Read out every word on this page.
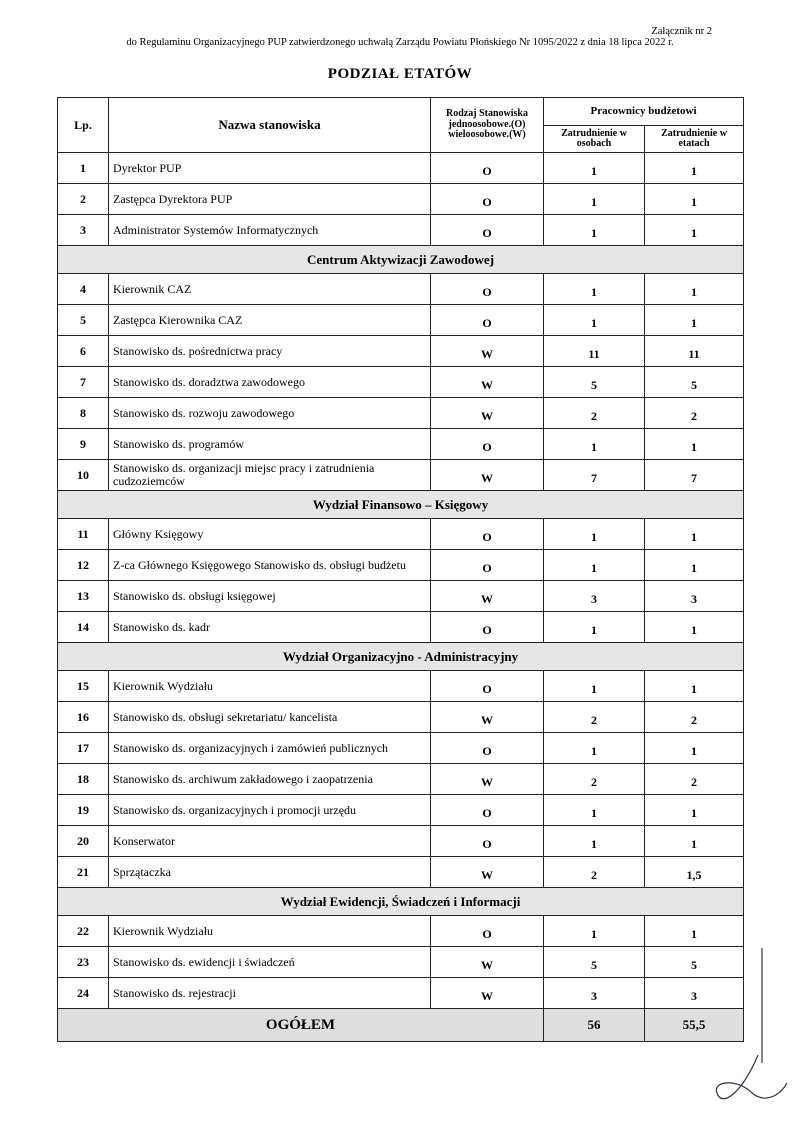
Załącznik nr 2
do Regulaminu Organizacyjnego PUP zatwierdzonego uchwałą Zarządu Powiatu Płońskiego Nr 1095/2022 z dnia 18 lipca 2022 r.
PODZIAŁ ETATÓW
Lp.	Nazwa stanowiska	Rodzaj Stanowiska jednoosobowe.(O) wieloosobowe.(W)	Pracownicy budżetowi	
			Zatrudnienie w osobach	Zatrudnienie w etatach
1	Dyrektor PUP	O	1	1
2	Zastępca Dyrektora PUP	O	1	1
3	Administrator Systemów Informatycznych	O	1	1
Centrum Aktywizacji Zawodowej				
4	Kierownik CAZ	O	1	1
5	Zastępca Kierownika CAZ	O	1	1
6	Stanowisko ds. pośrednictwa pracy	W	11	11
7	Stanowisko ds. doradztwa zawodowego	W	5	5
8	Stanowisko ds. rozwoju zawodowego	W	2	2
9	Stanowisko ds. programów	O	1	1
10	Stanowisko ds. organizacji miejsc pracy i zatrudnienia cudzoziemców	W	7	7
Wydział Finansowo – Księgowy				
11	Główny Księgowy	O	1	1
12	Z-ca Głównego Księgowego Stanowisko ds. obsługi budżetu	O	1	1
13	Stanowisko ds. obsługi księgowej	W	3	3
14	Stanowisko ds. kadr	O	1	1
Wydział Organizacyjno - Administracyjny				
15	Kierownik Wydziału	O	1	1
16	Stanowisko ds. obsługi sekretariatu/ kancelista	W	2	2
17	Stanowisko ds. organizacyjnych i zamówień publicznych	O	1	1
18	Stanowisko ds. archiwum zakładowego i zaopatrzenia	W	2	2
19	Stanowisko ds. organizacyjnych i promocji urzędu	O	1	1
20	Konserwator	O	1	1
21	Sprzątaczka	W	2	1,5
Wydział Ewidencji, Świadczeń i Informacji				
22	Kierownik Wydziału	O	1	1
23	Stanowisko ds. ewidencji i świadczeń	W	5	5
24	Stanowisko ds. rejestracji	W	3	3
OGÓŁEM			56	55,5
